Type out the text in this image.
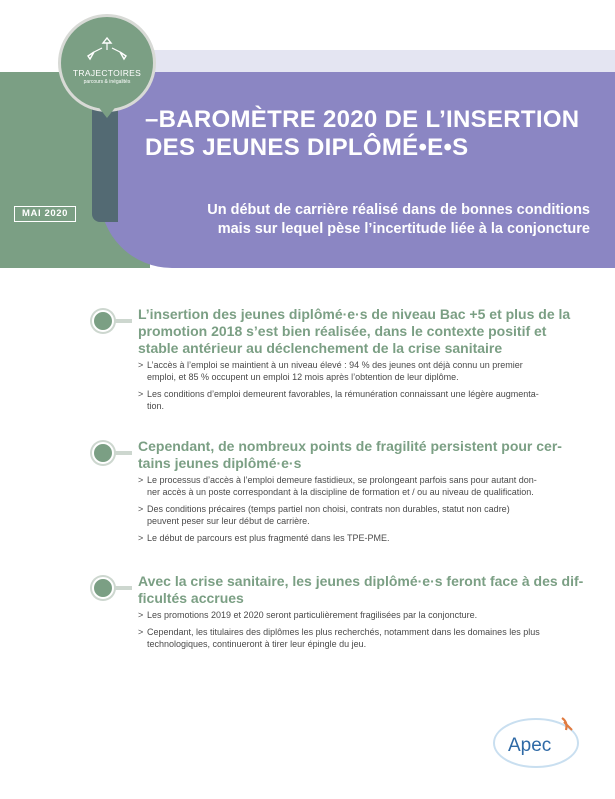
TRAJECTOIRES
parcours & inégalités
MAI 2020
–BAROMÈTRE 2020 DE L’INSERTION
DES JEUNES DIPLÔMÉ•E•S
Un début de carrière réalisé dans de bonnes conditions
mais sur lequel pèse l’incertitude liée à la conjoncture
L’insertion des jeunes diplômé·e·s de niveau Bac +5 et plus de la
promotion 2018 s’est bien réalisée, dans le contexte positif et
stable antérieur au déclenchement de la crise sanitaire
> L’accès à l’emploi se maintient à un niveau élevé : 94 % des jeunes ont déjà connu un premier
emploi, et 85 % occupent un emploi 12 mois après l’obtention de leur diplôme.
> Les conditions d’emploi demeurent favorables, la rémunération connaissant une légère augmenta-
tion.
Cependant, de nombreux points de fragilité persistent pour cer-
tains jeunes diplômé·e·s
> Le processus d’accès à l’emploi demeure fastidieux, se prolongeant parfois sans pour autant don-
ner accès à un poste correspondant à la discipline de formation et / ou au niveau de qualification.
> Des conditions précaires (temps partiel non choisi, contrats non durables, statut non cadre)
peuvent peser sur leur début de carrière.
> Le début de parcours est plus fragmenté dans les TPE-PME.
Avec la crise sanitaire, les jeunes diplômé·e·s feront face à des dif-
ficultés accrues
> Les promotions 2019 et 2020 seront particulièrement fragilisées par la conjoncture.
> Cependant, les titulaires des diplômes les plus recherchés, notamment dans les domaines les plus
technologiques, continueront à tirer leur épingle du jeu.
Apec
